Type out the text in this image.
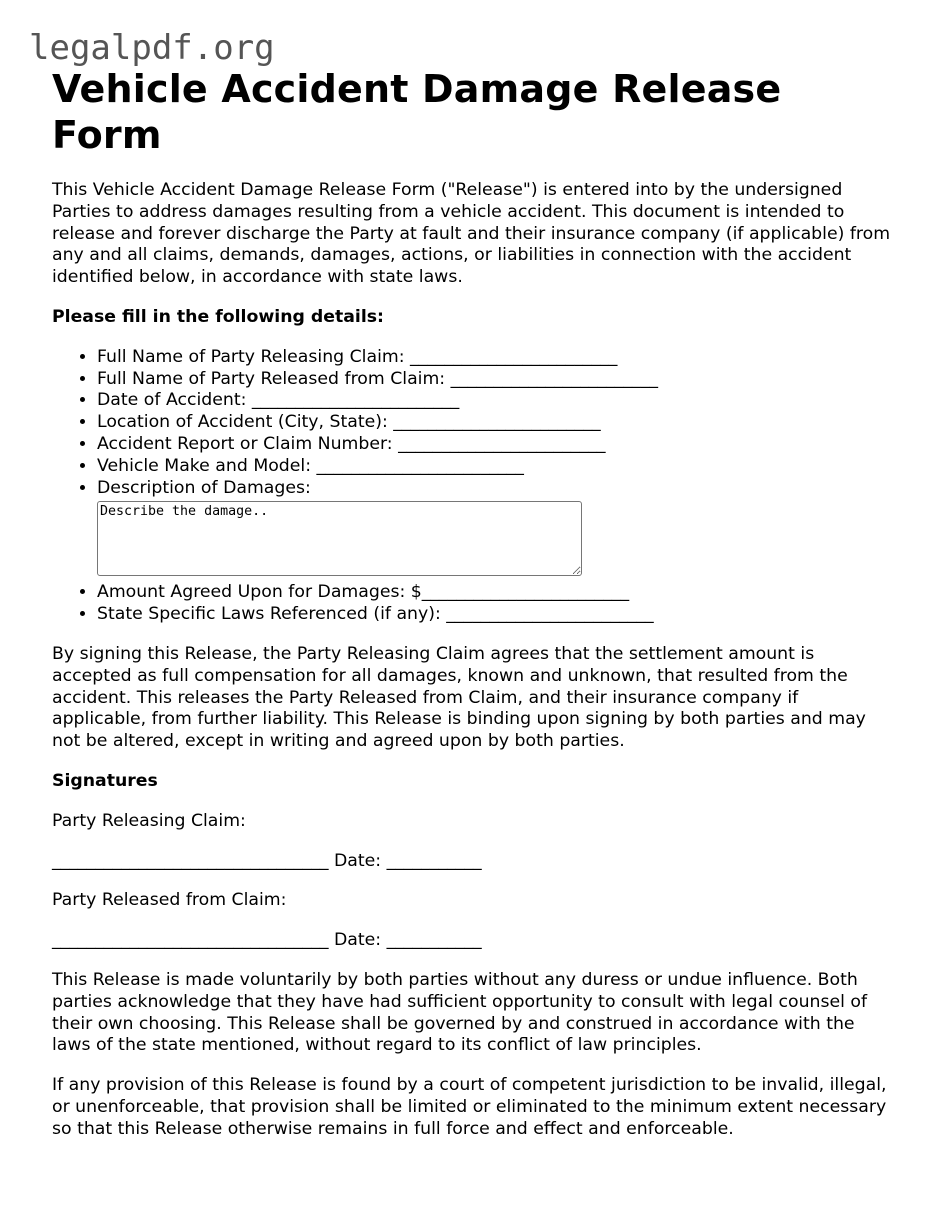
legalpdf.org
Vehicle Accident Damage Release Form

This Vehicle Accident Damage Release Form ("Release") is entered into by the undersigned Parties to address damages resulting from a vehicle accident. This document is intended to release and forever discharge the Party at fault and their insurance company (if applicable) from any and all claims, demands, damages, actions, or liabilities in connection with the accident identified below, in accordance with state laws.

Please fill in the following details:

• Full Name of Party Releasing Claim: ________________________
• Full Name of Party Released from Claim: ________________________
• Date of Accident: ________________________
• Location of Accident (City, State): ________________________
• Accident Report or Claim Number: ________________________
• Vehicle Make and Model: ________________________
• Description of Damages:
Describe the damage..
• Amount Agreed Upon for Damages: $________________________
• State Specific Laws Referenced (if any): ________________________

By signing this Release, the Party Releasing Claim agrees that the settlement amount is accepted as full compensation for all damages, known and unknown, that resulted from the accident. This releases the Party Released from Claim, and their insurance company if applicable, from further liability. This Release is binding upon signing by both parties and may not be altered, except in writing and agreed upon by both parties.

Signatures

Party Releasing Claim:

________________________________ Date: ___________

Party Released from Claim:

________________________________ Date: ___________

This Release is made voluntarily by both parties without any duress or undue influence. Both parties acknowledge that they have had sufficient opportunity to consult with legal counsel of their own choosing. This Release shall be governed by and construed in accordance with the laws of the state mentioned, without regard to its conflict of law principles.

If any provision of this Release is found by a court of competent jurisdiction to be invalid, illegal, or unenforceable, that provision shall be limited or eliminated to the minimum extent necessary so that this Release otherwise remains in full force and effect and enforceable.
